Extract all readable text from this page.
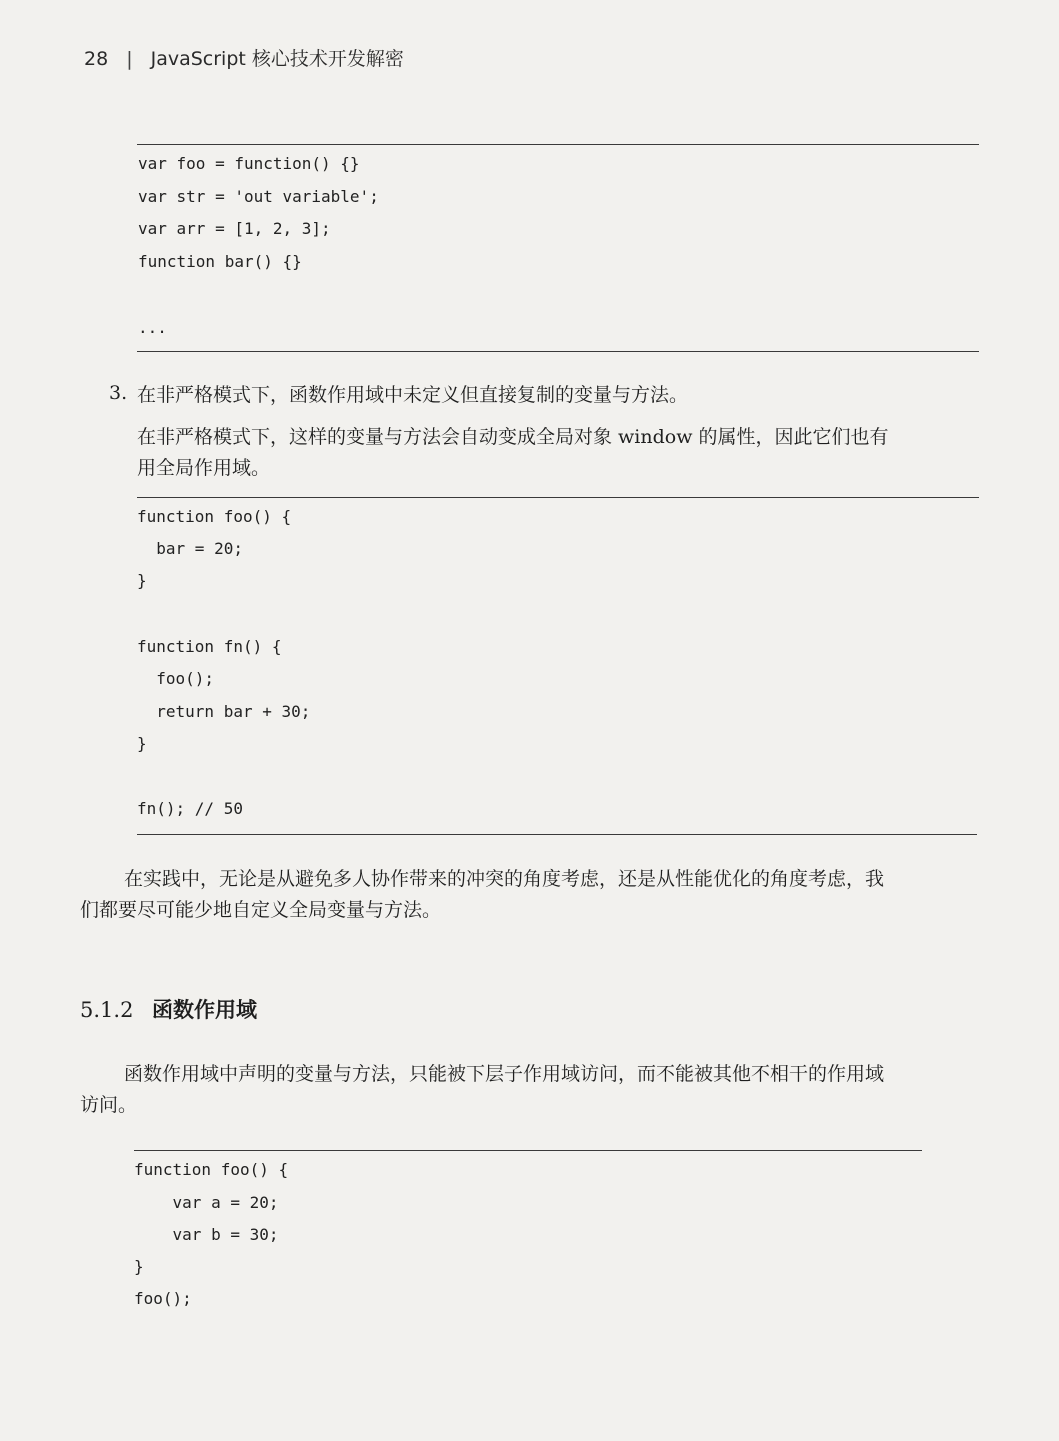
28 | JavaScript 核心技术开发解密

var foo = function() {}

var str = 'out variable';

var arr = [1, 2, 3];

function bar() {}

...

3. 在非严格模式下，函数作用域中未定义但直接复制的变量与方法。
在非严格模式下，这样的变量与方法会自动变成全局对象 window 的属性，因此它们也有
用全局作用域。

function foo() {

bar = 20;

}

function fn() {

foo();

return bar + 30;

}

fn(); // 50

在实践中，无论是从避免多人协作带来的冲突的角度考虑，还是从性能优化的角度考虑，我
们都要尽可能少地自定义全局变量与方法。
5.1.2 函数作用域
函数作用域中声明的变量与方法，只能被下层子作用域访问，而不能被其他不相干的作用域
访问。

function foo() {

var a = 20;

var b = 30;

}

foo();
